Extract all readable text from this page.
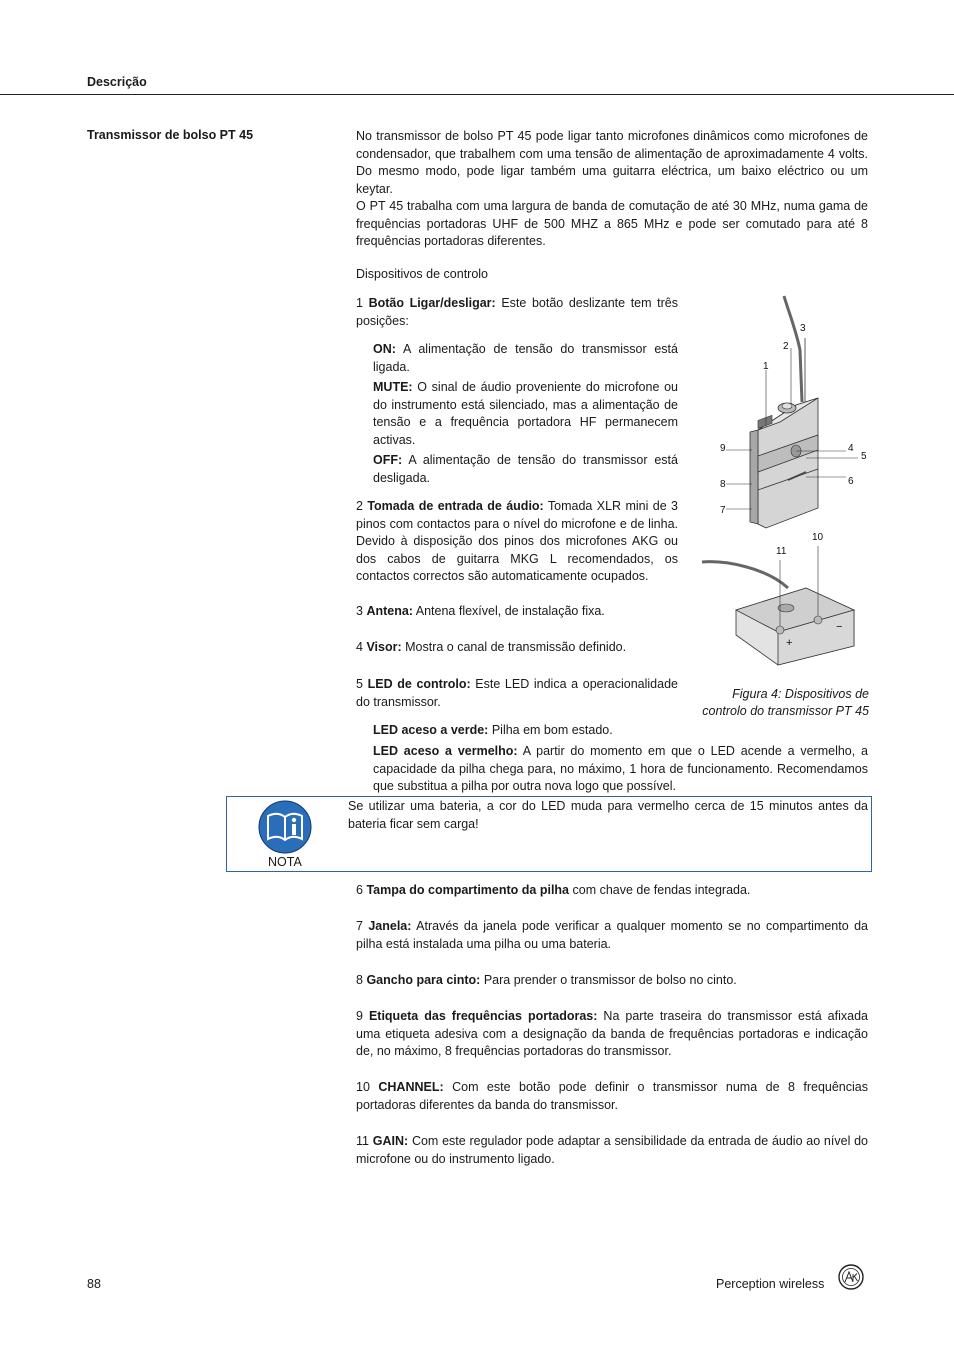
Descrição
Transmissor de bolso PT 45	No transmissor de bolso PT 45 pode ligar tanto microfones dinâmicos como microfones de condensador, que trabalhem com uma tensão de alimentação de aproximadamente 4 volts. Do mesmo modo, pode ligar também uma guitarra eléctrica, um baixo eléctrico ou um keytar.

O PT 45 trabalha com uma largura de banda de comutação de até 30 MHz, numa gama de frequências portadoras UHF de 500 MHZ a 865 MHz e pode ser comutado para até 8 frequências portadoras diferentes.

Dispositivos de controlo

1 Botão Ligar/desligar: Este botão deslizante tem três posições:

ON: A alimentação de tensão do transmissor está ligada.

MUTE: O sinal de áudio proveniente do microfone ou do instrumento está silenciado, mas a alimentação de tensão e a frequência portadora HF permanecem activas.

OFF: A alimentação de tensão do transmissor está desligada.

2 Tomada de entrada de áudio: Tomada XLR mini de 3 pinos com contactos para o nível do microfone e de linha. Devido à disposição dos pinos dos microfones AKG ou dos cabos de guitarra MKG L recomendados, os contactos correctos são automaticamente ocupados.

3 Antena: Antena flexível, de instalação fixa.

4 Visor: Mostra o canal de transmissão definido.

5 LED de controlo: Este LED indica a operacionalidade do transmissor.

LED aceso a verde: Pilha em bom estado.

LED aceso a vermelho: A partir do momento em que o LED acende a vermelho, a capacidade da pilha chega para, no máximo, 1 hora de funcionamento. Recomendamos que substitua a pilha por outra nova logo que possível.

+
−
1
2
3
4
5
6
7
8
9
10
11
Figura 4: Dispositivos de
controlo do transmissor PT 45
NOTA

Se utilizar uma bateria, a cor do LED muda para vermelho cerca de 15 minutos antes da bateria ficar sem carga!

6 Tampa do compartimento da pilha com chave de fendas integrada.

7 Janela: Através da janela pode verificar a qualquer momento se no compartimento da pilha está instalada uma pilha ou uma bateria.

8 Gancho para cinto: Para prender o transmissor de bolso no cinto.

9 Etiqueta das frequências portadoras: Na parte traseira do transmissor está afixada uma etiqueta adesiva com a designação da banda de frequências portadoras e indicação de, no máximo, 8 frequências portadoras do transmissor.

10 CHANNEL: Com este botão pode definir o transmissor numa de 8 frequências portadoras diferentes da banda do transmissor.

11 GAIN: Com este regulador pode adaptar a sensibilidade da entrada de áudio ao nível do microfone ou do instrumento ligado.

88	Perception wireless
